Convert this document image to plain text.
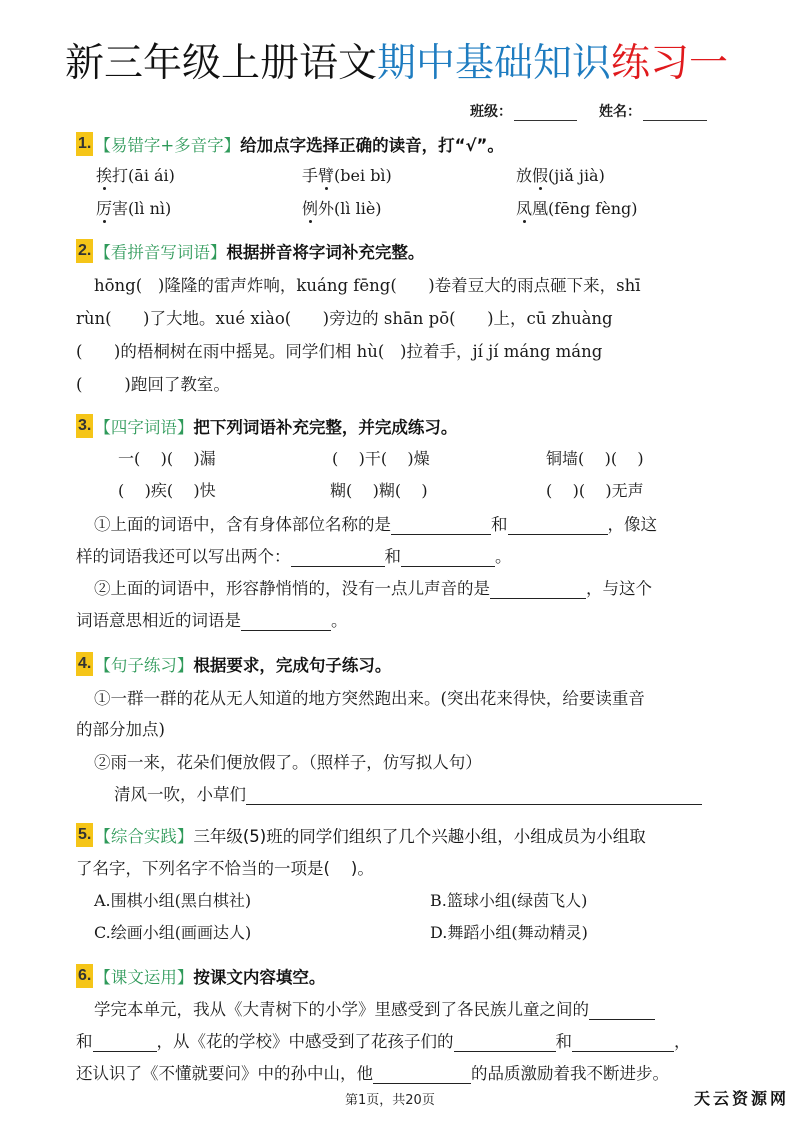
新三年级上册语文期中基础知识练习一
班级：	姓名：
1. 【易错字+多音字】 给加点字选择正确的读音，打“√”。
挨打(āi ái)	手臂(bei bì)	放假(jiǎ jià)
厉害(lì nì)	例外(lì liè)	凤凰(fēng fèng)
2. 【看拼音写词语】 根据拼音将字词补充完整。
hōng(   )隆隆的雷声炸响，kuáng fēng(      )卷着豆大的雨点砸下来，shī
rùn(      )了大地。xué xiào(      )旁边的 shān pō(      )上，cū zhuàng
(      )的梧桐树在雨中摇晃。同学们相 hù(   )拉着手，jí jí máng máng
(        )跑回了教室。
3. 【四字词语】 把下列词语补充完整，并完成练习。
一(    )(    )漏	(    )干(    )燥	铜墙(    )(    )
(    )疾(    )快	糊(    )糊(    )	(    )(    )无声
①上面的词语中，含有身体部位名称的是	和	，像这
样的词语我还可以写出两个：	和	。
②上面的词语中，形容静悄悄的，没有一点儿声音的是	，与这个
词语意思相近的词语是	。
4. 【句子练习】 根据要求，完成句子练习。
①一群一群的花从无人知道的地方突然跑出来。(突出花来得快，给要读重音
的部分加点)
②雨一来，花朵们便放假了。（照样子，仿写拟人句）
清风一吹，小草们
5. 【综合实践】 三年级(5)班的同学们组织了几个兴趣小组，小组成员为小组取
了名字，下列名字不恰当的一项是(    )。
A.围棋小组(黑白棋社)	B.篮球小组(绿茵飞人)
C.绘画小组(画画达人)	D.舞蹈小组(舞动精灵)
6. 【课文运用】 按课文内容填空。
学完本单元，我从《大青树下的小学》里感受到了各民族儿童之间的
和	，从《花的学校》中感受到了花孩子们的	和	，
还认识了《不懂就要问》中的孙中山，他	的品质激励着我不断进步。
第1页，共20页	天云资源网
